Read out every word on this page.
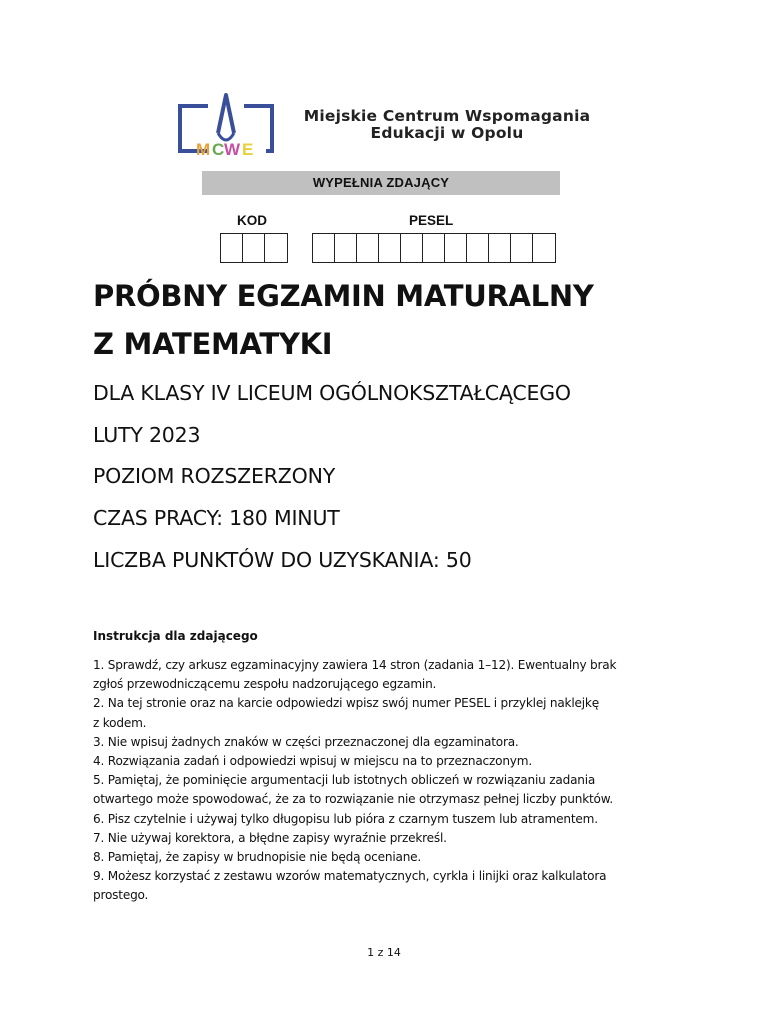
M C W E
Miejskie Centrum Wspomagania
Edukacji w Opolu
WYPEŁNIA ZDAJĄCY
KOD	PESEL
PRÓBNY EGZAMIN MATURALNY
Z MATEMATYKI
DLA KLASY IV LICEUM OGÓLNOKSZTAŁCĄCEGO
LUTY 2023
POZIOM ROZSZERZONY
CZAS PRACY: 180 MINUT
LICZBA PUNKTÓW DO UZYSKANIA: 50
Instrukcja dla zdającego
1. Sprawdź, czy arkusz egzaminacyjny zawiera 14 stron (zadania 1–12). Ewentualny brak
zgłoś przewodniczącemu zespołu nadzorującego egzamin.
2. Na tej stronie oraz na karcie odpowiedzi wpisz swój numer PESEL i przyklej naklejkę
z kodem.
3. Nie wpisuj żadnych znaków w części przeznaczonej dla egzaminatora.
4. Rozwiązania zadań i odpowiedzi wpisuj w miejscu na to przeznaczonym.
5. Pamiętaj, że pominięcie argumentacji lub istotnych obliczeń w rozwiązaniu zadania
otwartego może spowodować, że za to rozwiązanie nie otrzymasz pełnej liczby punktów.
6. Pisz czytelnie i używaj tylko długopisu lub pióra z czarnym tuszem lub atramentem.
7. Nie używaj korektora, a błędne zapisy wyraźnie przekreśl.
8. Pamiętaj, że zapisy w brudnopisie nie będą oceniane.
9. Możesz korzystać z zestawu wzorów matematycznych, cyrkla i linijki oraz kalkulatora
prostego.
1 z 14
